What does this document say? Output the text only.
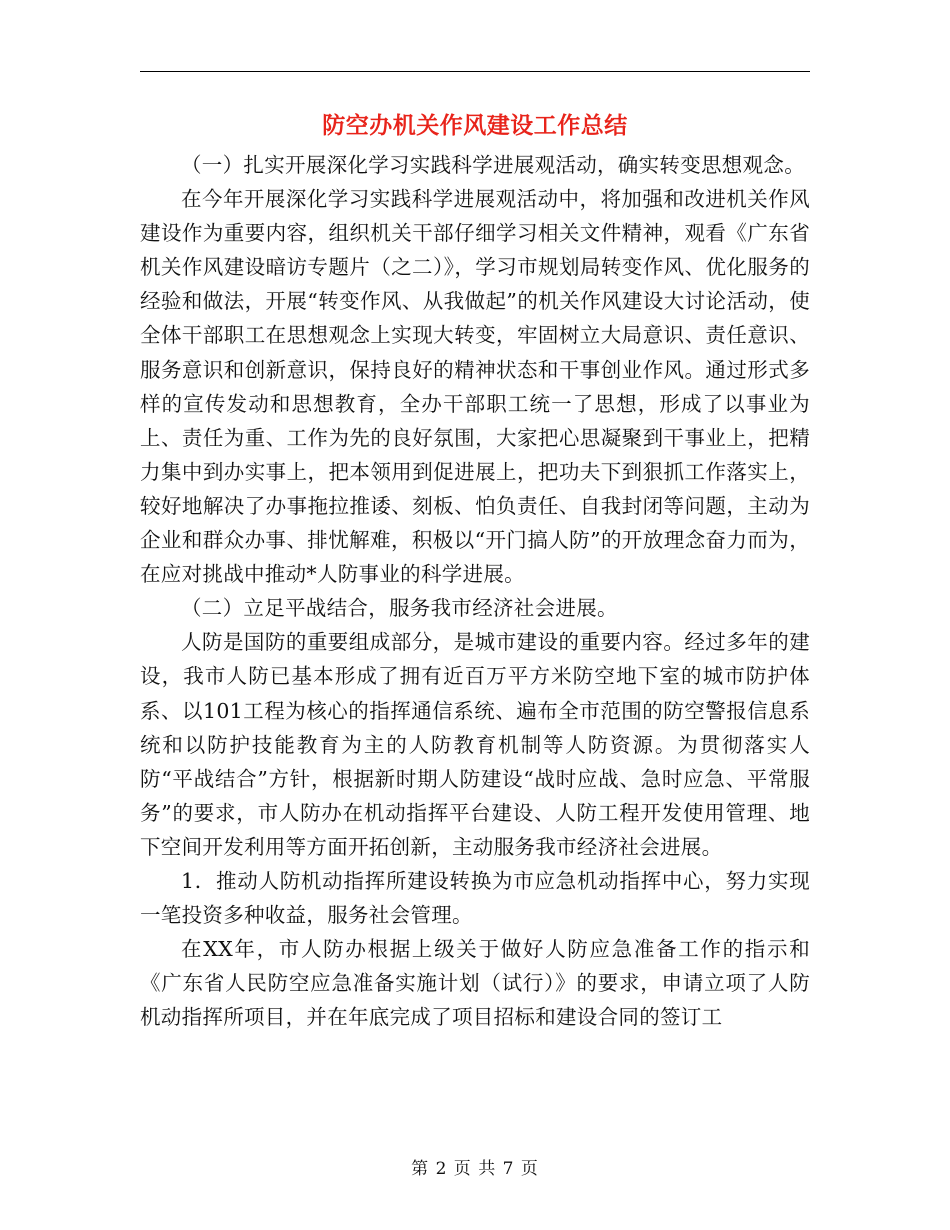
防空办机关作风建设工作总结

（一）扎实开展深化学习实践科学进展观活动，确实转变思想观念。

在今年开展深化学习实践科学进展观活动中，将加强和改进机关作风建设作为重要内容，组织机关干部仔细学习相关文件精神，观看《广东省机关作风建设暗访专题片（之二）》，学习市规划局转变作风、优化服务的经验和做法，开展“转变作风、从我做起”的机关作风建设大讨论活动，使全体干部职工在思想观念上实现大转变，牢固树立大局意识、责任意识、服务意识和创新意识，保持良好的精神状态和干事创业作风。通过形式多样的宣传发动和思想教育，全办干部职工统一了思想，形成了以事业为上、责任为重、工作为先的良好氛围，大家把心思凝聚到干事业上，把精力集中到办实事上，把本领用到促进展上，把功夫下到狠抓工作落实上，较好地解决了办事拖拉推诿、刻板、怕负责任、自我封闭等问题，主动为企业和群众办事、排忧解难，积极以“开门搞人防”的开放理念奋力而为，在应对挑战中推动*人防事业的科学进展。

（二）立足平战结合，服务我市经济社会进展。

人防是国防的重要组成部分，是城市建设的重要内容。经过多年的建设，我市人防已基本形成了拥有近百万平方米防空地下室的城市防护体系、以101工程为核心的指挥通信系统、遍布全市范围的防空警报信息系统和以防护技能教育为主的人防教育机制等人防资源。为贯彻落实人防“平战结合”方针，根据新时期人防建设“战时应战、急时应急、平常服务”的要求，市人防办在机动指挥平台建设、人防工程开发使用管理、地下空间开发利用等方面开拓创新，主动服务我市经济社会进展。

1．推动人防机动指挥所建设转换为市应急机动指挥中心，努力实现一笔投资多种收益，服务社会管理。

在XX年，市人防办根据上级关于做好人防应急准备工作的指示和《广东省人民防空应急准备实施计划（试行）》的要求，申请立项了人防机动指挥所项目，并在年底完成了项目招标和建设合同的签订工

第 2 页 共 7 页
